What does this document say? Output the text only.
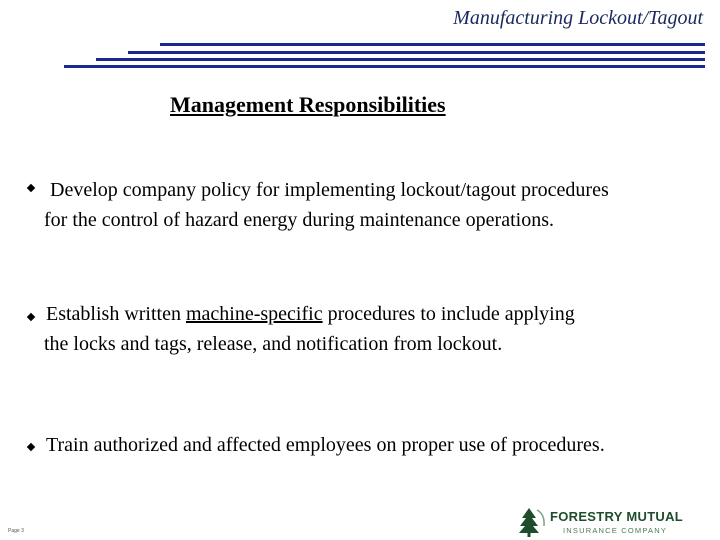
Manufacturing Lockout/Tagout
Management Responsibilities
Develop company policy for implementing lockout/tagout procedures
for the control of hazard energy during maintenance operations.
Establish written machine-specific procedures to include applying
the locks and tags, release, and notification from lockout.
Train authorized and affected employees on proper use of procedures.
Page 3
FORESTRY MUTUAL
INSURANCE COMPANY
